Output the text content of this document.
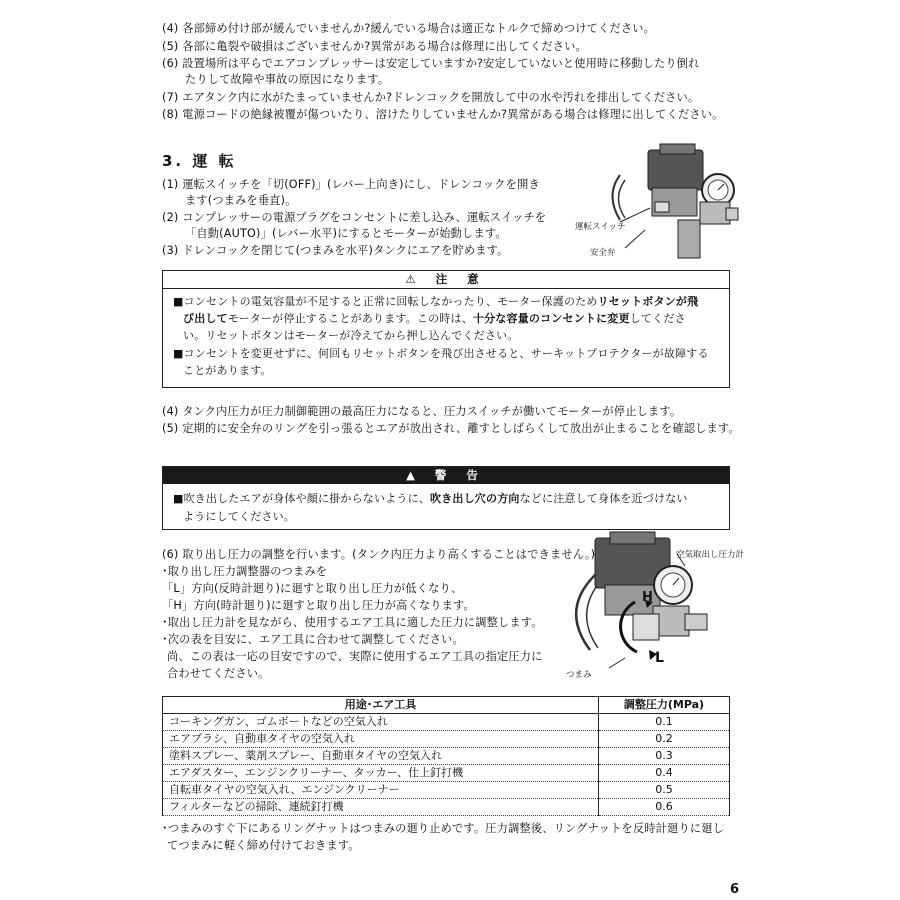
(4) 各部締め付け部が緩んでいませんか?緩んでいる場合は適正なトルクで締めつけてください。
(5) 各部に亀裂や破損はございませんか?異常がある場合は修理に出してください。
(6) 設置場所は平らでエアコンプレッサーは安定していますか?安定していないと使用時に移動したり倒れ
たりして故障や事故の原因になります。
(7) エアタンク内に水がたまっていませんか?ドレンコックを開放して中の水や汚れを排出してください。
(8) 電源コードの絶縁被覆が傷ついたり、溶けたりしていませんか?異常がある場合は修理に出してください。
3. 運 転
(1) 運転スイッチを「切(OFF)」(レバー上向き)にし、ドレンコックを開き
ます(つまみを垂直)。
(2) コンプレッサーの電源プラグをコンセントに差し込み、運転スイッチを
「自動(AUTO)」(レバー水平)にするとモーターが始動します。
(3) ドレンコックを閉じて(つまみを水平)タンクにエアを貯めます。
運転スイッチ
安全弁
⚠ 注 意
■コンセントの電気容量が不足すると正常に回転しなかったり、モーター保護のためリセットボタンが飛
び出してモーターが停止することがあります。この時は、十分な容量のコンセントに変更してくださ
い。リセットボタンはモーターが冷えてから押し込んでください。
■コンセントを変更せずに、何回もリセットボタンを飛び出させると、サーキットプロテクターが故障する
ことがあります。
(4) タンク内圧力が圧力制御範囲の最高圧力になると、圧力スイッチが働いてモーターが停止します。
(5) 定期的に安全弁のリングを引っ張るとエアが放出され、離すとしばらくして放出が止まることを確認します。
▲ 警 告
■吹き出したエアが身体や顔に掛からないように、吹き出し穴の方向などに注意して身体を近づけない
ようにしてください。
(6) 取り出し圧力の調整を行います。(タンク内圧力より高くすることはできません。)
･取り出し圧力調整器のつまみを
「L」方向(反時計廻り)に廻すと取り出し圧力が低くなり、
「H」方向(時計廻り)に廻すと取り出し圧力が高くなります。
･取出し圧力計を見ながら、使用するエア工具に適した圧力に調整します。
･次の表を目安に、エア工具に合わせて調整してください。
尚、この表は一応の目安ですので、実際に使用するエア工具の指定圧力に
合わせてください。
空気取出し圧力計
つまみ
H
L
用途･エア工具	調整圧力(MPa)
コーキングガン、ゴムボートなどの空気入れ	0.1
エアブラシ、自動車タイヤの空気入れ	0.2
塗料スプレー、薬剤スプレー、自動車タイヤの空気入れ	0.3
エアダスター、エンジンクリーナー、タッカー、仕上釘打機	0.4
自転車タイヤの空気入れ、エンジンクリーナー	0.5
フィルターなどの掃除、連続釘打機	0.6
･つまみのすぐ下にあるリングナットはつまみの廻り止めです。圧力調整後、リングナットを反時計廻りに廻し
てつまみに軽く締め付けておきます。
6
